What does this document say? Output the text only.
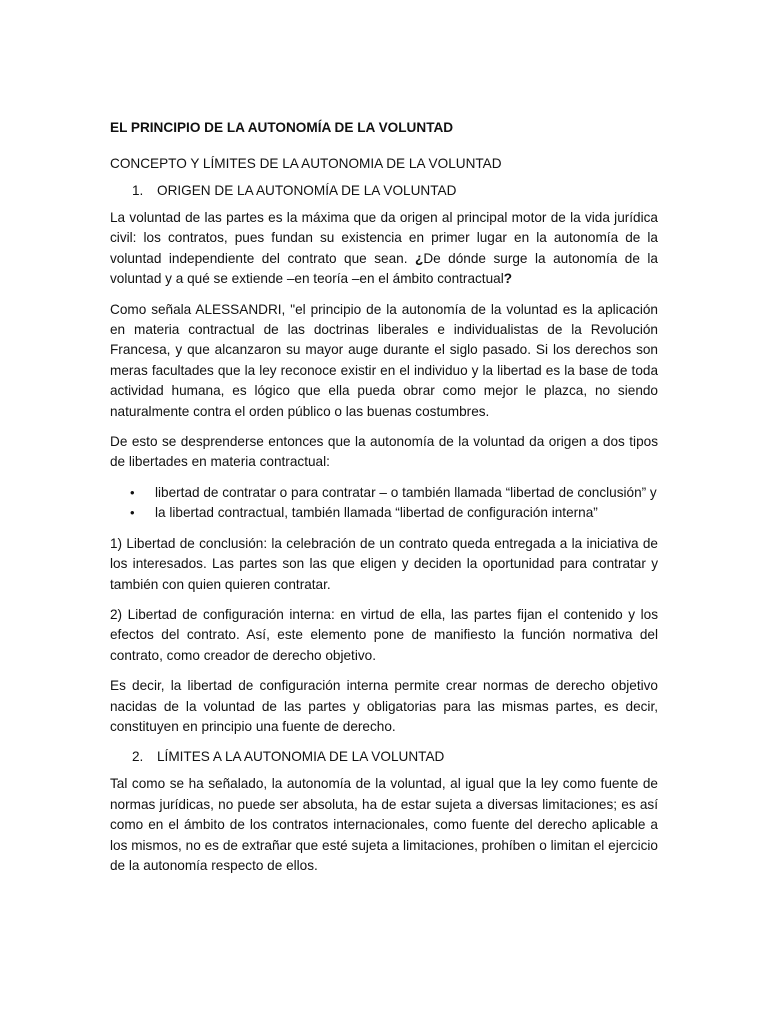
EL PRINCIPIO DE LA AUTONOMÍA DE LA VOLUNTAD
CONCEPTO Y LÍMITES DE LA AUTONOMIA DE LA VOLUNTAD
1.	ORIGEN DE LA AUTONOMÍA DE LA VOLUNTAD

La voluntad de las partes es la máxima que da origen al principal motor de la vida jurídica civil: los contratos, pues fundan su existencia en primer lugar en la autonomía de la voluntad independiente del contrato que sean. ¿De dónde surge la autonomía de la voluntad y a qué se extiende –en teoría –en el ámbito contractual?

Como señala ALESSANDRI, "el principio de la autonomía de la voluntad es la aplicación en materia contractual de las doctrinas liberales e individualistas de la Revolución Francesa, y que alcanzaron su mayor auge durante el siglo pasado. Si los derechos son meras facultades que la ley reconoce existir en el individuo y la libertad es la base de toda actividad humana, es lógico que ella pueda obrar como mejor le plazca, no siendo naturalmente contra el orden público o las buenas costumbres.

De esto se desprenderse entonces que la autonomía de la voluntad da origen a dos tipos de libertades en materia contractual:

• libertad de contratar o para contratar – o también llamada “libertad de conclusión” y
• la libertad contractual, también llamada “libertad de configuración interna”

1) Libertad de conclusión: la celebración de un contrato queda entregada a la iniciativa de los interesados. Las partes son las que eligen y deciden la oportunidad para contratar y también con quien quieren contratar.

2) Libertad de configuración interna: en virtud de ella, las partes fijan el contenido y los efectos del contrato. Así, este elemento pone de manifiesto la función normativa del contrato, como creador de derecho objetivo.

Es decir, la libertad de configuración interna permite crear normas de derecho objetivo nacidas de la voluntad de las partes y obligatorias para las mismas partes, es decir, constituyen en principio una fuente de derecho.

2.	LÍMITES A LA AUTONOMIA DE LA VOLUNTAD

Tal como se ha señalado, la autonomía de la voluntad, al igual que la ley como fuente de normas jurídicas, no puede ser absoluta, ha de estar sujeta a diversas limitaciones; es así como en el ámbito de los contratos internacionales, como fuente del derecho aplicable a los mismos, no es de extrañar que esté sujeta a limitaciones, prohíben o limitan el ejercicio de la autonomía respecto de ellos.
